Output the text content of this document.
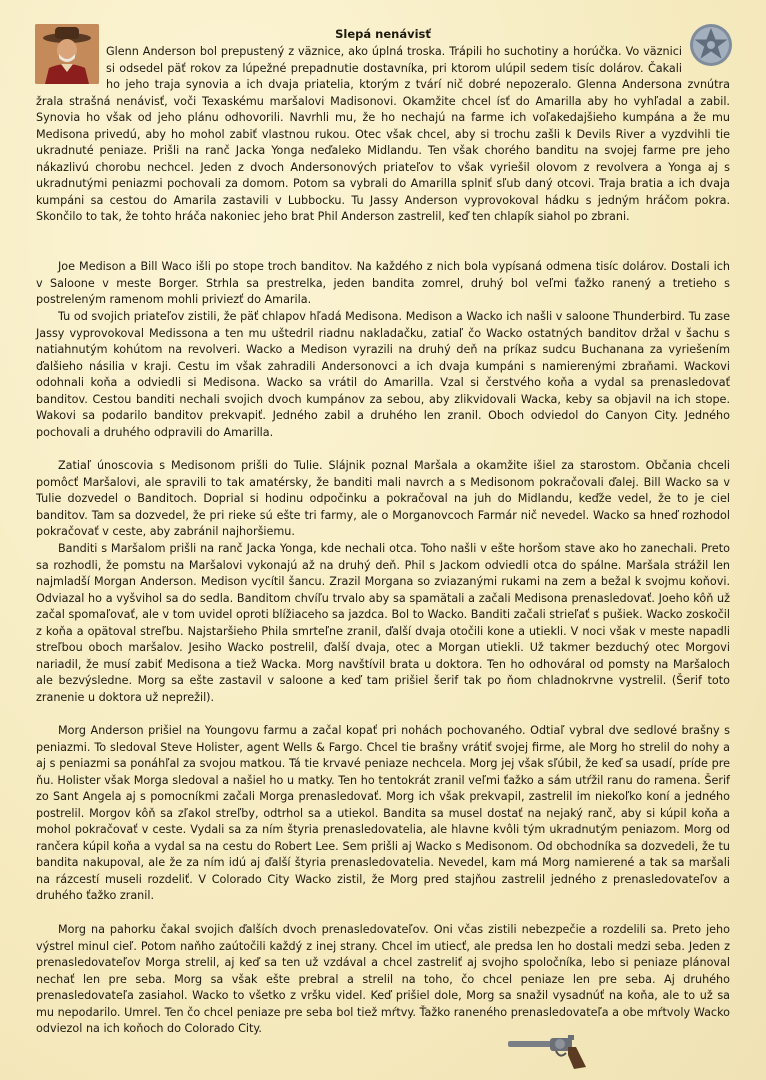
Slepá nenávisť

Glenn Anderson bol prepustený z väznice, ako úplná troska. Trápili ho suchotiny a horúčka. Vo väznici si odsedel päť rokov za lúpežné prepadnutie dostavníka, pri ktorom ulúpil sedem tisíc dolárov. Čakali ho jeho traja synovia a ich dvaja priatelia, ktorým z tvárí nič dobré nepozeralo. Glenna Andersona zvnútra žrala strašná nenávisť, voči Texaskému maršalovi Madisonovi. Okamžite chcel ísť do Amarilla aby ho vyhľadal a zabil. Synovia ho však od jeho plánu odhovorili. Navrhli mu, že ho nechajú na farme ich voľakedajšieho kumpána a že mu Medisona privedú, aby ho mohol zabiť vlastnou rukou. Otec však chcel, aby si trochu zašli k Devils River a vyzdvihli tie ukradnuté peniaze. Prišli na ranč Jacka Yonga neďaleko Midlandu. Ten však chorého banditu na svojej farme pre jeho nákazlivú chorobu nechcel. Jeden z dvoch Andersonových priateľov to však vyriešil olovom z revolvera a Yonga aj s ukradnutými peniazmi pochovali za domom. Potom sa vybrali do Amarilla splniť sľub daný otcovi. Traja bratia a ich dvaja kumpáni sa cestou do Amarila zastavili v Lubbocku. Tu Jassy Anderson vyprovokoval hádku s jedným hráčom pokra. Skončilo to tak, že tohto hráča nakoniec jeho brat Phil Anderson zastrelil, keď ten chlapík siahol po zbrani.

Joe Medison a Bill Waco išli po stope troch banditov. Na každého z nich bola vypísaná odmena tisíc dolárov. Dostali ich v Saloone v meste Borger. Strhla sa prestrelka, jeden bandita zomrel, druhý bol veľmi ťažko ranený a tretieho s postreleným ramenom mohli priviezť do Amarila.

Tu od svojich priateľov zistili, že päť chlapov hľadá Medisona. Medison a Wacko ich našli v saloone Thunderbird. Tu zase Jassy vyprovokoval Medissona a ten mu uštedril riadnu nakladačku, zatiaľ čo Wacko ostatných banditov držal v šachu s natiahnutým kohútom na revolveri. Wacko a Medison vyrazili na druhý deň na príkaz sudcu Buchanana za vyriešením ďalšieho násilia v kraji. Cestu im však zahradili Andersonovci a ich dvaja kumpáni s namierenými zbraňami. Wackovi odohnali koňa a odviedli si Medisona. Wacko sa vrátil do Amarilla. Vzal si čerstvého koňa a vydal sa prenasledovať banditov. Cestou banditi nechali svojich dvoch kumpánov za sebou, aby zlikvidovali Wacka, keby sa objavil na ich stope. Wakovi sa podarilo banditov prekvapiť. Jedného zabil a druhého len zranil. Oboch odviedol do Canyon City. Jedného pochovali a druhého odpravili do Amarilla.

Zatiaľ únoscovia s Medisonom prišli do Tulie. Slájnik poznal Maršala a okamžite išiel za starostom. Občania chceli pomôcť Maršalovi, ale spravili to tak amatérsky, že banditi mali navrch a s Medisonom pokračovali ďalej. Bill Wacko sa v Tulie dozvedel o Banditoch. Doprial si hodinu odpočinku a pokračoval na juh do Midlandu, keďže vedel, že to je ciel banditov. Tam sa dozvedel, že pri rieke sú ešte tri farmy, ale o Morganovcoch Farmár nič nevedel. Wacko sa hneď rozhodol pokračovať v ceste, aby zabránil najhoršiemu.

Banditi s Maršalom prišli na ranč Jacka Yonga, kde nechali otca. Toho našli v ešte horšom stave ako ho zanechali. Preto sa rozhodli, že pomstu na Maršalovi vykonajú až na druhý deň. Phil s Jackom odviedli otca do spálne. Maršala strážil len najmladší Morgan Anderson. Medison vycítil šancu. Zrazil Morgana so zviazanými rukami na zem a bežal k svojmu koňovi. Odviazal ho a vyšvihol sa do sedla. Banditom chvíľu trvalo aby sa spamätali a začali Medisona prenasledovať. Joeho kôň už začal spomaľovať, ale v tom uvidel oproti blížiaceho sa jazdca. Bol to Wacko. Banditi začali strieľať s pušiek. Wacko zoskočil z koňa a opätoval streľbu. Najstaršieho Phila smrteľne zranil, ďalší dvaja otočili kone a utiekli. V noci však v meste napadli streľbou oboch maršalov. Jesiho Wacko postrelil, ďalší dvaja, otec a Morgan utiekli. Už takmer bezduchý otec Morgovi nariadil, že musí zabiť Medisona a tiež Wacka. Morg navštívil brata u doktora. Ten ho odhováral od pomsty na Maršaloch ale bezvýsledne. Morg sa ešte zastavil v saloone a keď tam prišiel šerif tak po ňom chladnokrvne vystrelil. (Šerif toto zranenie u doktora už neprežil).

Morg Anderson prišiel na Youngovu farmu a začal kopať pri nohách pochovaného. Odtiaľ vybral dve sedlové brašny s peniazmi. To sledoval Steve Holister, agent Wells & Fargo. Chcel tie brašny vrátiť svojej firme, ale Morg ho strelil do nohy a aj s peniazmi sa ponáhľal za svojou matkou. Tá tie krvavé peniaze nechcela. Morg jej však sľúbil, že keď sa usadí, príde pre ňu. Holister však Morga sledoval a našiel ho u matky. Ten ho tentokrát zranil veľmi ťažko a sám utŕžil ranu do ramena. Šerif zo Sant Angela aj s pomocníkmi začali Morga prenasledovať. Morg ich však prekvapil, zastrelil im niekoľko koní a jedného postrelil. Morgov kôň sa zľakol streľby, odtrhol sa a utiekol. Bandita sa musel dostať na nejaký ranč, aby si kúpil koňa a mohol pokračovať v ceste. Vydali sa za ním štyria prenasledovatelia, ale hlavne kvôli tým ukradnutým peniazom. Morg od rančera kúpil koňa a vydal sa na cestu do Robert Lee. Sem prišli aj Wacko s Medisonom. Od obchodníka sa dozvedeli, že tu bandita nakupoval, ale že za ním idú aj ďalší štyria prenasledovatelia. Nevedel, kam má Morg namierené a tak sa maršali na rázcestí museli rozdeliť. V Colorado City Wacko zistil, že Morg pred stajňou zastrelil jedného z prenasledovateľov a druhého ťažko zranil.

Morg na pahorku čakal svojich ďalších dvoch prenasledovateľov. Oni včas zistili nebezpečie a rozdelili sa. Preto jeho výstrel minul cieľ. Potom naňho zaútočili každý z inej strany. Chcel im utiecť, ale predsa len ho dostali medzi seba. Jeden z prenasledovateľov Morga strelil, aj keď sa ten už vzdával a chcel zastreliť aj svojho spoločníka, lebo si peniaze plánoval nechať len pre seba. Morg sa však ešte prebral a strelil na toho, čo chcel peniaze len pre seba. Aj druhého prenasledovateľa zasiahol. Wacko to všetko z vršku videl. Keď prišiel dole, Morg sa snažil vysadnúť na koňa, ale to už sa mu nepodarilo. Umrel. Ten čo chcel peniaze pre seba bol tiež mŕtvy. Ťažko raneného prenasledovateľa a obe mŕtvoly Wacko odviezol na ich koňoch do Colorado City.
